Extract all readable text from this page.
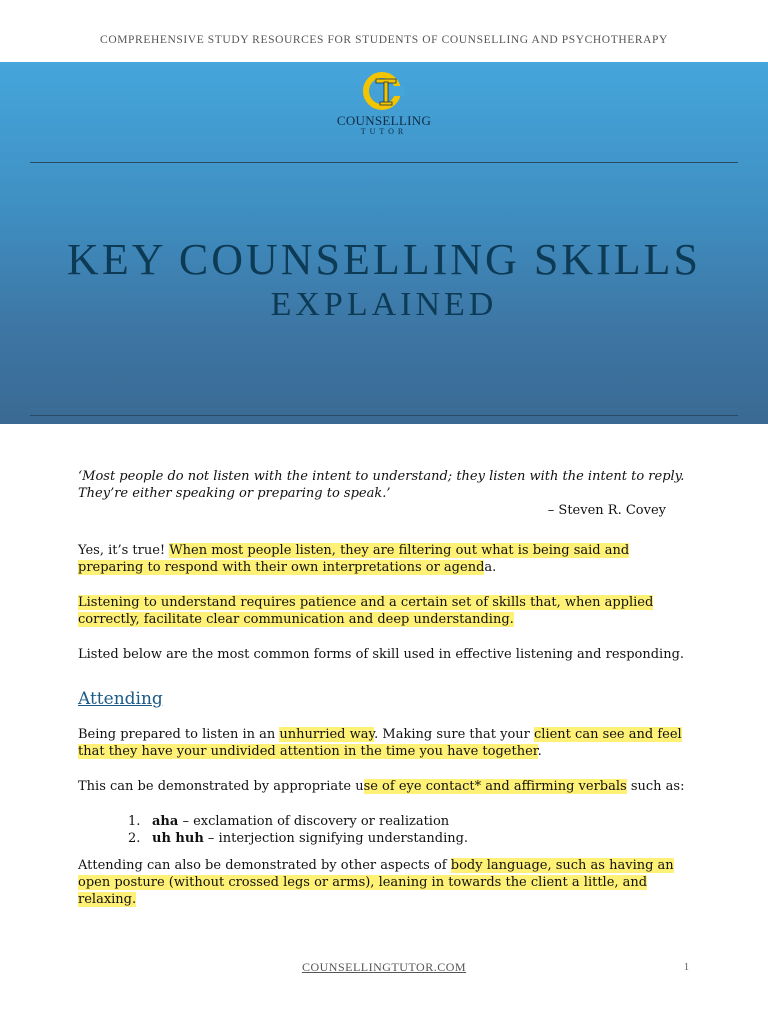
COMPREHENSIVE STUDY RESOURCES FOR STUDENTS OF COUNSELLING AND PSYCHOTHERAPY
COUNSELLING
TUTOR
KEY COUNSELLING SKILLS
EXPLAINED
‘Most people do not listen with the intent to understand; they listen with the intent to reply.
They’re either speaking or preparing to speak.’
– Steven R. Covey

Yes, it’s true! When most people listen, they are filtering out what is being said and preparing to respond with their own interpretations or agenda.

Listening to understand requires patience and a certain set of skills that, when applied correctly, facilitate clear communication and deep understanding.

Listed below are the most common forms of skill used in effective listening and responding.

Attending

Being prepared to listen in an unhurried way. Making sure that your client can see and feel that they have your undivided attention in the time you have together.

This can be demonstrated by appropriate use of eye contact* and affirming verbals such as:

1. aha – exclamation of discovery or realization
2. uh huh – interjection signifying understanding.

Attending can also be demonstrated by other aspects of body language, such as having an open posture (without crossed legs or arms), leaning in towards the client a little, and relaxing.

COUNSELLINGTUTOR.COM	1
